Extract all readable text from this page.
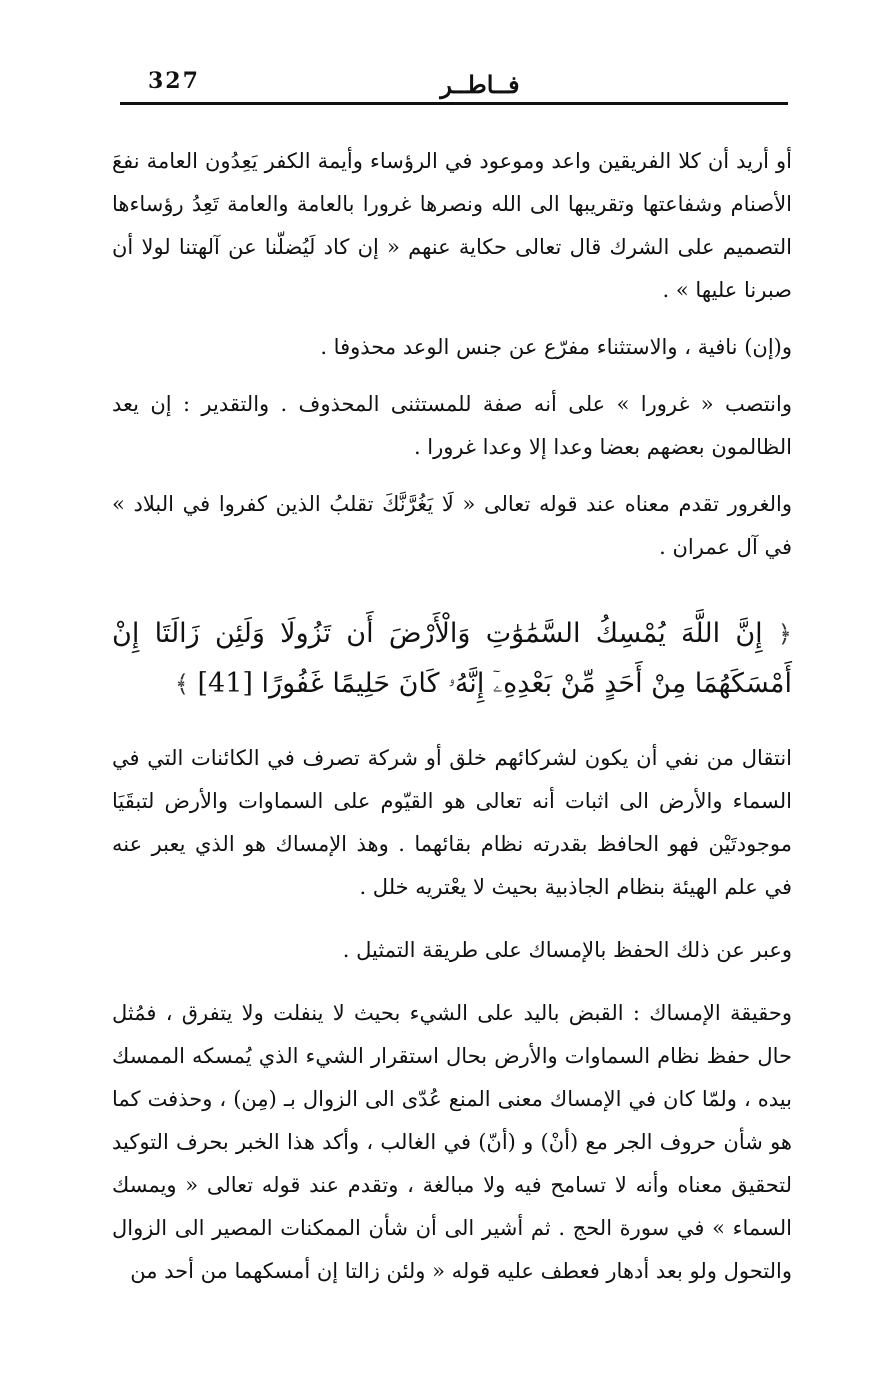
327	فــاطــر

أو أريد أن كلا الفريقين واعد وموعود في الرؤساء وأيمة الكفر يَعِدُون العامة نفعَ الأصنام وشفاعتها وتقريبها الى الله ونصرها غرورا بالعامة والعامة تَعِدُ رؤساءها التصميم على الشرك قال تعالى حكاية عنهم « إن كاد لَيُضلّنا عن آلهتنا لولا أن صبرنا عليها » .

و(إن) نافية ، والاستثناء مفرّع عن جنس الوعد محذوفا .

وانتصب « غرورا » على أنه صفة للمستثنى المحذوف . والتقدير : إن يعد الظالمون بعضهم بعضا وعدا إلا وعدا غرورا .

والغرور تقدم معناه عند قوله تعالى « لَا يَغُرَّنَّكَ تقلبُ الذين كفروا في البلاد » في آل عمران .

﴿ إِنَّ اللَّهَ يُمْسِكُ السَّمَٰوَٰتِ وَالْأَرْضَ أَن تَزُولَا وَلَئِن زَالَتَا إِنْ أَمْسَكَهُمَا مِنْ أَحَدٍ مِّنْ بَعْدِهِۦٓ إِنَّهُۥ كَانَ حَلِيمًا غَفُورًا [41] ﴾

انتقال من نفي أن يكون لشركائهم خلق أو شركة تصرف في الكائنات التي في السماء والأرض الى اثبات أنه تعالى هو القيّوم على السماوات والأرض لتبقَيَا موجودتَيْن فهو الحافظ بقدرته نظام بقائهما . وهذ الإمساك هو الذي يعبر عنه في علم الهيئة بنظام الجاذبية بحيث لا يعْتريه خلل .

وعبر عن ذلك الحفظ بالإمساك على طريقة التمثيل .

وحقيقة الإمساك : القبض باليد على الشيء بحيث لا ينفلت ولا يتفرق ، فمُثل حال حفظ نظام السماوات والأرض بحال استقرار الشيء الذي يُمسكه الممسك بيده ، ولمّا كان في الإمساك معنى المنع عُدّى الى الزوال بـ (مِن) ، وحذفت كما هو شأن حروف الجر مع (أنْ) و (أنّ) في الغالب ، وأكد هذا الخبر بحرف التوكيد لتحقيق معناه وأنه لا تسامح فيه ولا مبالغة ، وتقدم عند قوله تعالى « ويمسك السماء » في سورة الحج . ثم أشير الى أن شأن الممكنات المصير الى الزوال والتحول ولو بعد أدهار فعطف عليه قوله « ولئن زالتا إن أمسكهما من أحد من
